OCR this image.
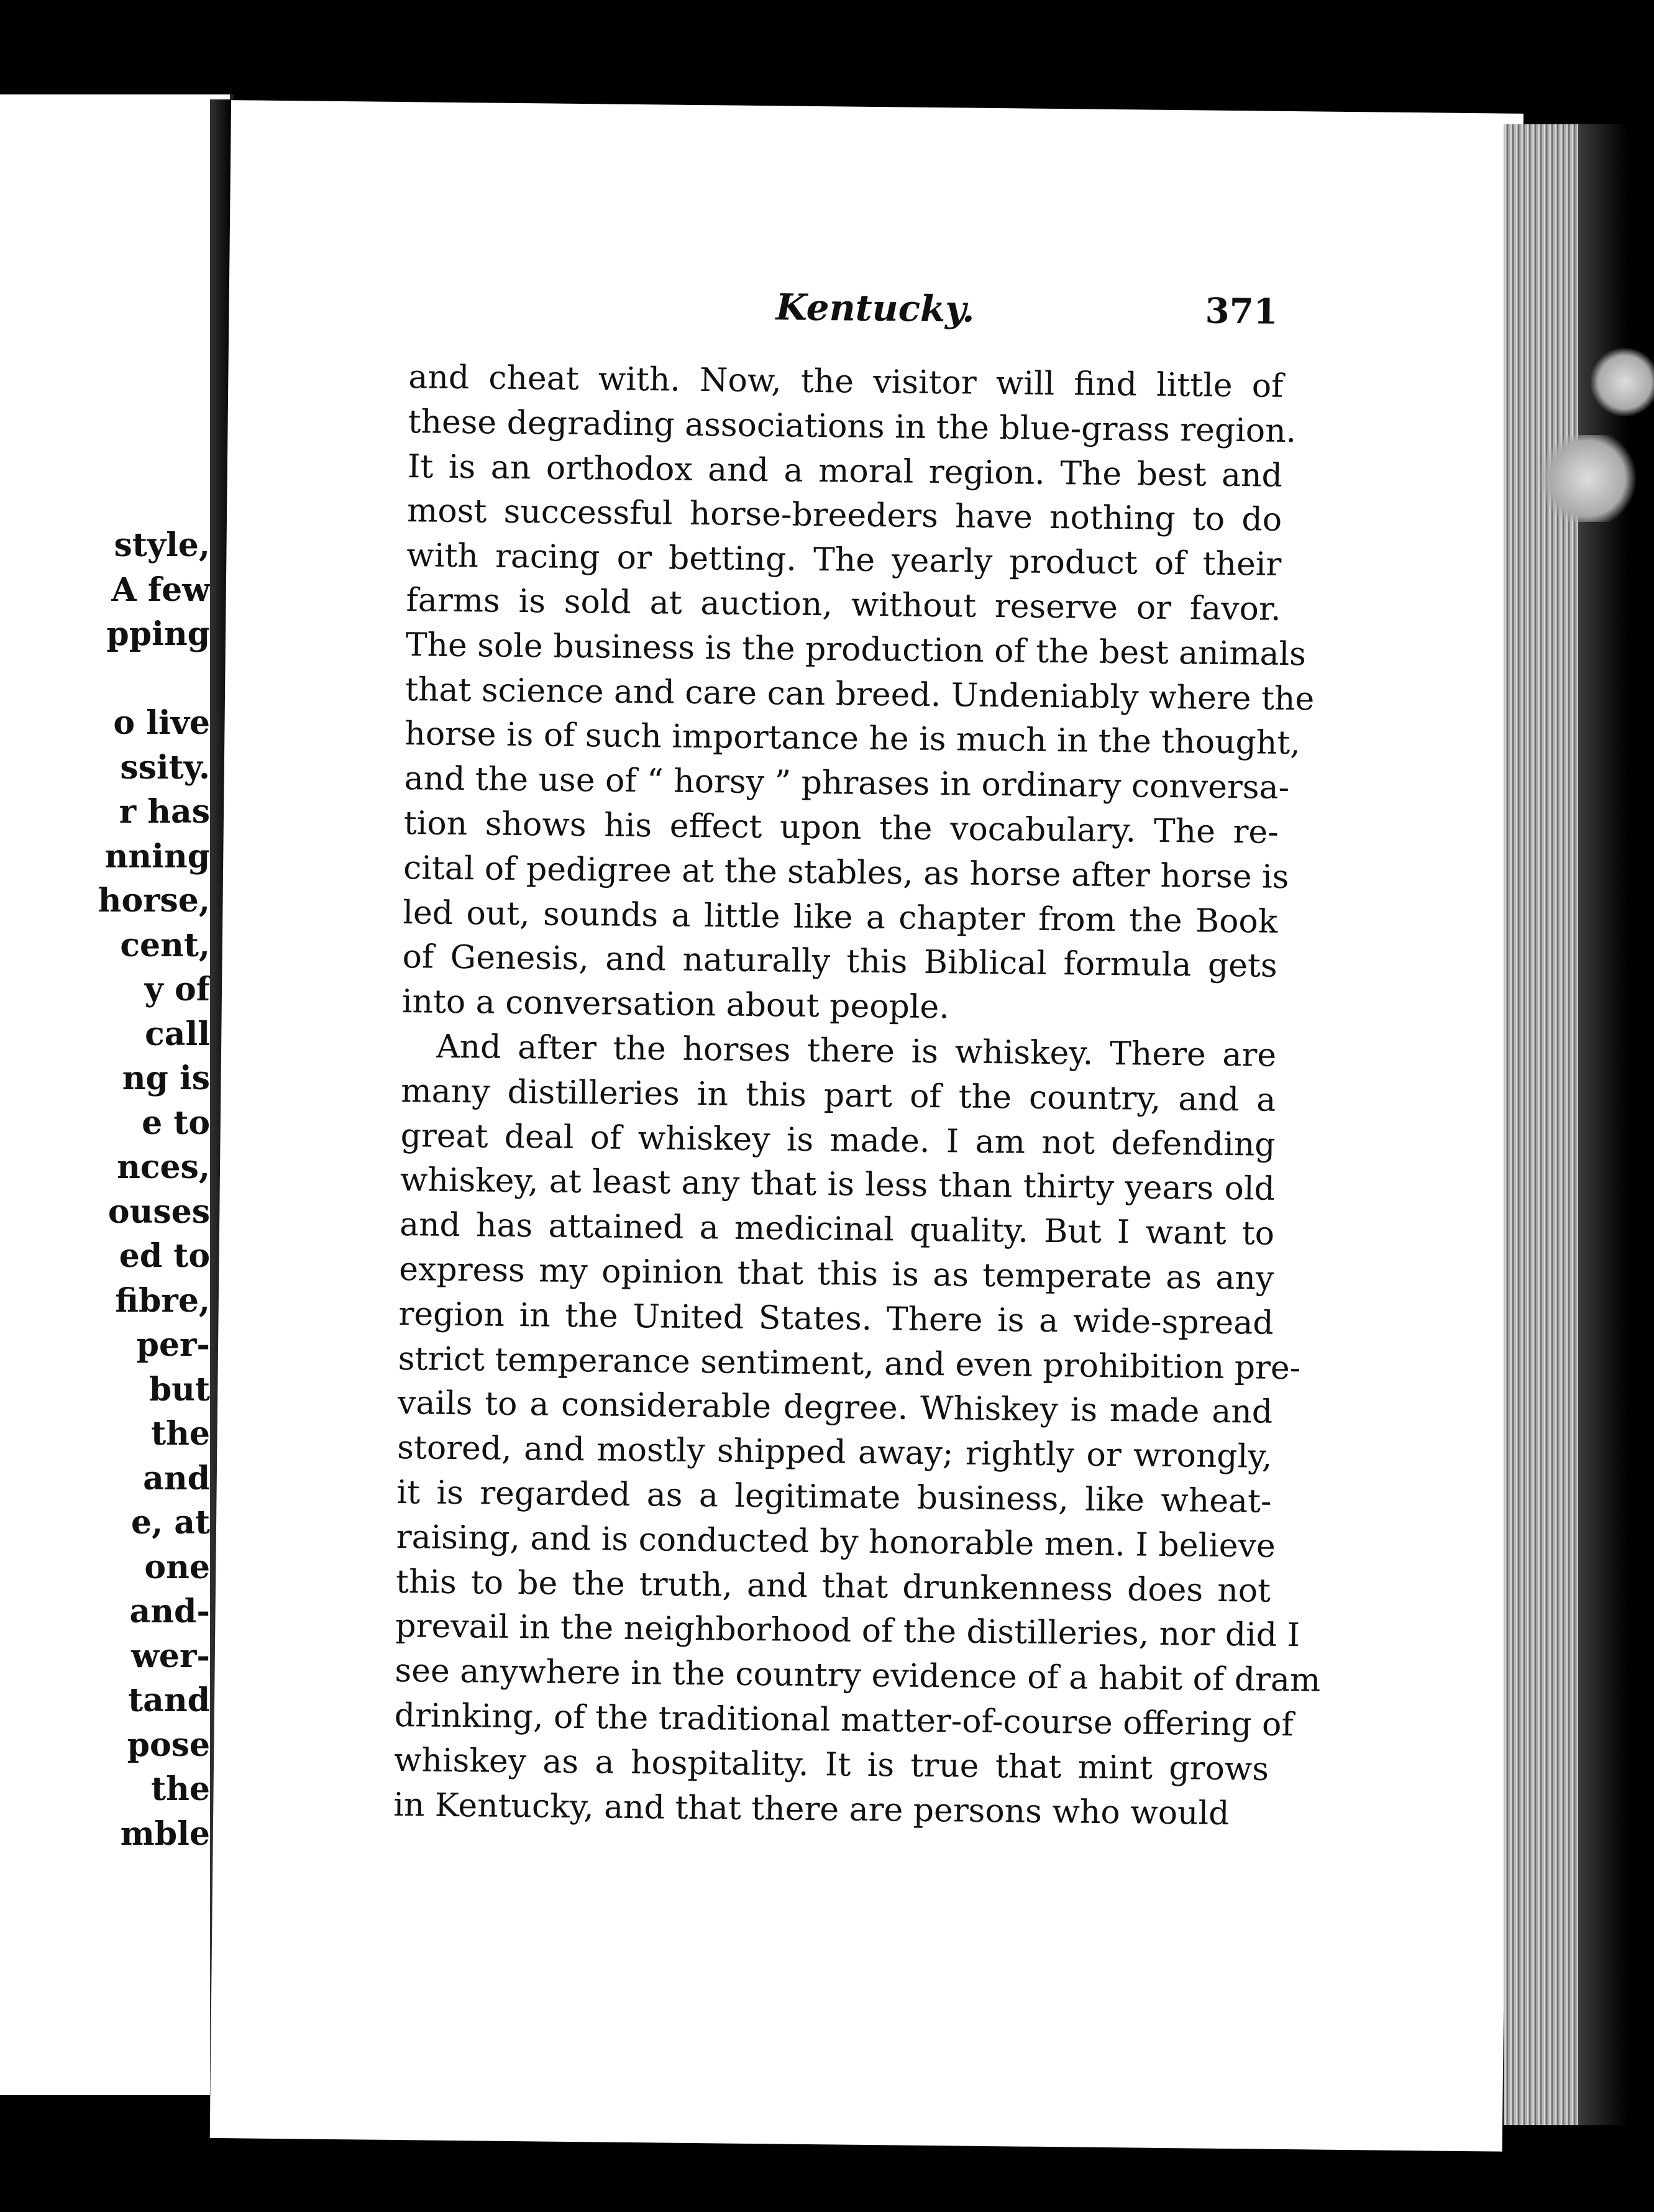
style,
A few
pping

o live
ssity.
r has
nning
horse,
cent,
y of
call
ng is
e to
nces,
ouses
ed to
fibre,
per-
but
the
and
e, at
one
and-
wer-
tand
pose
the
mble
Kentucky.	371
and cheat with. Now, the visitor will find little of
these degrading associations in the blue-grass region.
It is an orthodox and a moral region. The best and
most successful horse-breeders have nothing to do
with racing or betting. The yearly product of their
farms is sold at auction, without reserve or favor.
The sole business is the production of the best animals
that science and care can breed. Undeniably where the
horse is of such importance he is much in the thought,
and the use of “ horsy ” phrases in ordinary conversa-
tion shows his effect upon the vocabulary. The re-
cital of pedigree at the stables, as horse after horse is
led out, sounds a little like a chapter from the Book
of Genesis, and naturally this Biblical formula gets
into a conversation about people.
And after the horses there is whiskey. There are
many distilleries in this part of the country, and a
great deal of whiskey is made. I am not defending
whiskey, at least any that is less than thirty years old
and has attained a medicinal quality. But I want to
express my opinion that this is as temperate as any
region in the United States. There is a wide-spread
strict temperance sentiment, and even prohibition pre-
vails to a considerable degree. Whiskey is made and
stored, and mostly shipped away; rightly or wrongly,
it is regarded as a legitimate business, like wheat-
raising, and is conducted by honorable men. I believe
this to be the truth, and that drunkenness does not
prevail in the neighborhood of the distilleries, nor did I
see anywhere in the country evidence of a habit of dram
drinking, of the traditional matter-of-course offering of
whiskey as a hospitality. It is true that mint grows
in Kentucky, and that there are persons who would
